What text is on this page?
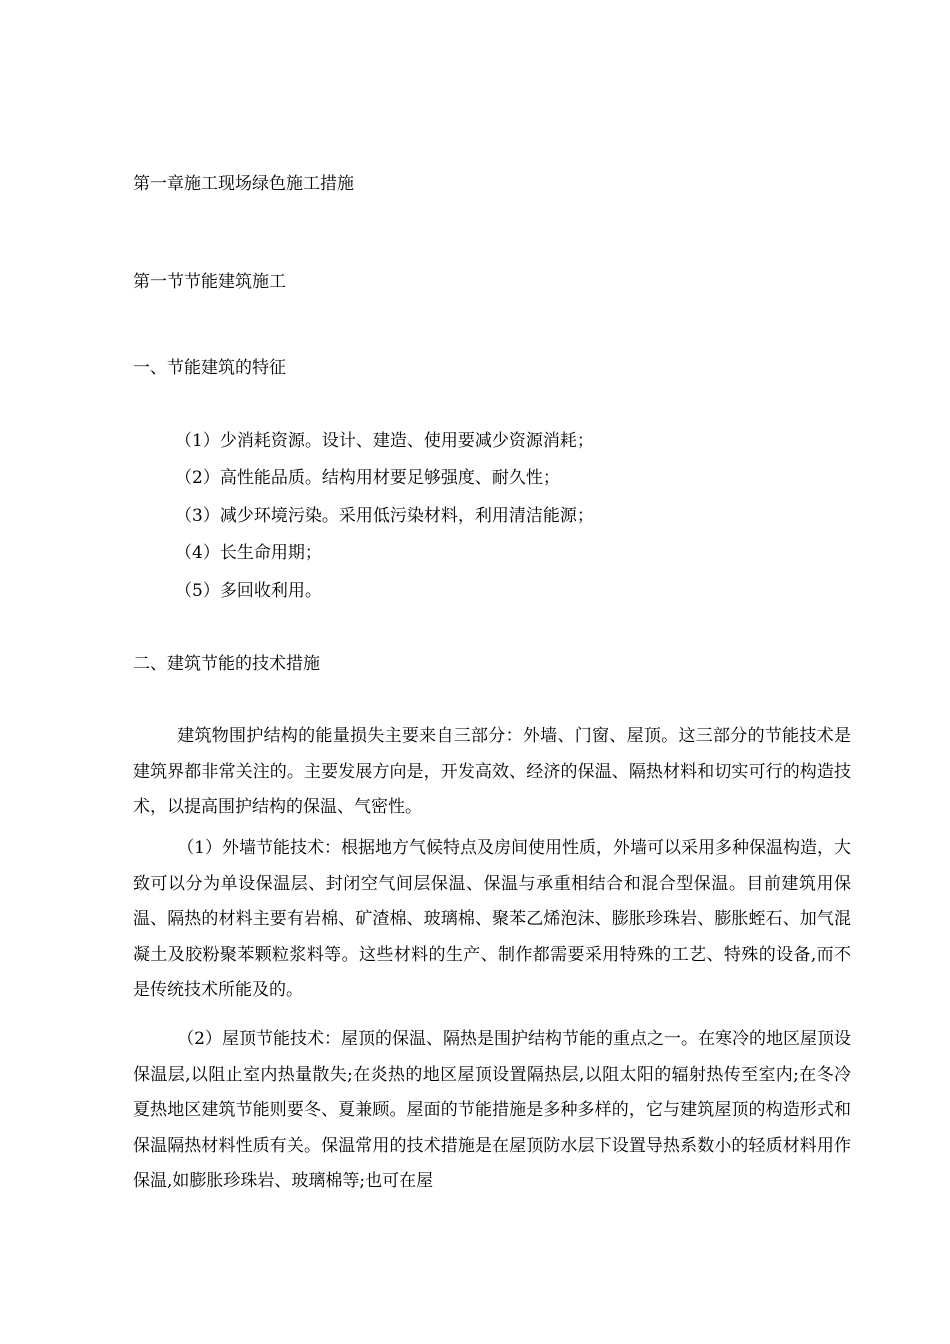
第一章施工现场绿色施工措施
第一节节能建筑施工
一、节能建筑的特征
（1）少消耗资源。设计、建造、使用要减少资源消耗；
（2）高性能品质。结构用材要足够强度、耐久性；
（3）减少环境污染。采用低污染材料，利用清洁能源；
（4）长生命用期；
（5）多回收利用。
二、建筑节能的技术措施

建筑物围护结构的能量损失主要来自三部分：外墙、门窗、屋顶。这三部分的节能技术是建筑界都非常关注的。主要发展方向是，开发高效、经济的保温、隔热材料和切实可行的构造技术，以提高围护结构的保温、气密性。

（1）外墙节能技术：根据地方气候特点及房间使用性质，外墙可以采用多种保温构造，大致可以分为单设保温层、封闭空气间层保温、保温与承重相结合和混合型保温。目前建筑用保温、隔热的材料主要有岩棉、矿渣棉、玻璃棉、聚苯乙烯泡沫、膨胀珍珠岩、膨胀蛭石、加气混凝土及胶粉聚苯颗粒浆料等。这些材料的生产、制作都需要采用特殊的工艺、特殊的设备,而不是传统技术所能及的。

（2）屋顶节能技术：屋顶的保温、隔热是围护结构节能的重点之一。在寒冷的地区屋顶设保温层,以阻止室内热量散失;在炎热的地区屋顶设置隔热层,以阻太阳的辐射热传至室内;在冬冷夏热地区建筑节能则要冬、夏兼顾。屋面的节能措施是多种多样的，它与建筑屋顶的构造形式和保温隔热材料性质有关。保温常用的技术措施是在屋顶防水层下设置导热系数小的轻质材料用作保温,如膨胀珍珠岩、玻璃棉等;也可在屋
